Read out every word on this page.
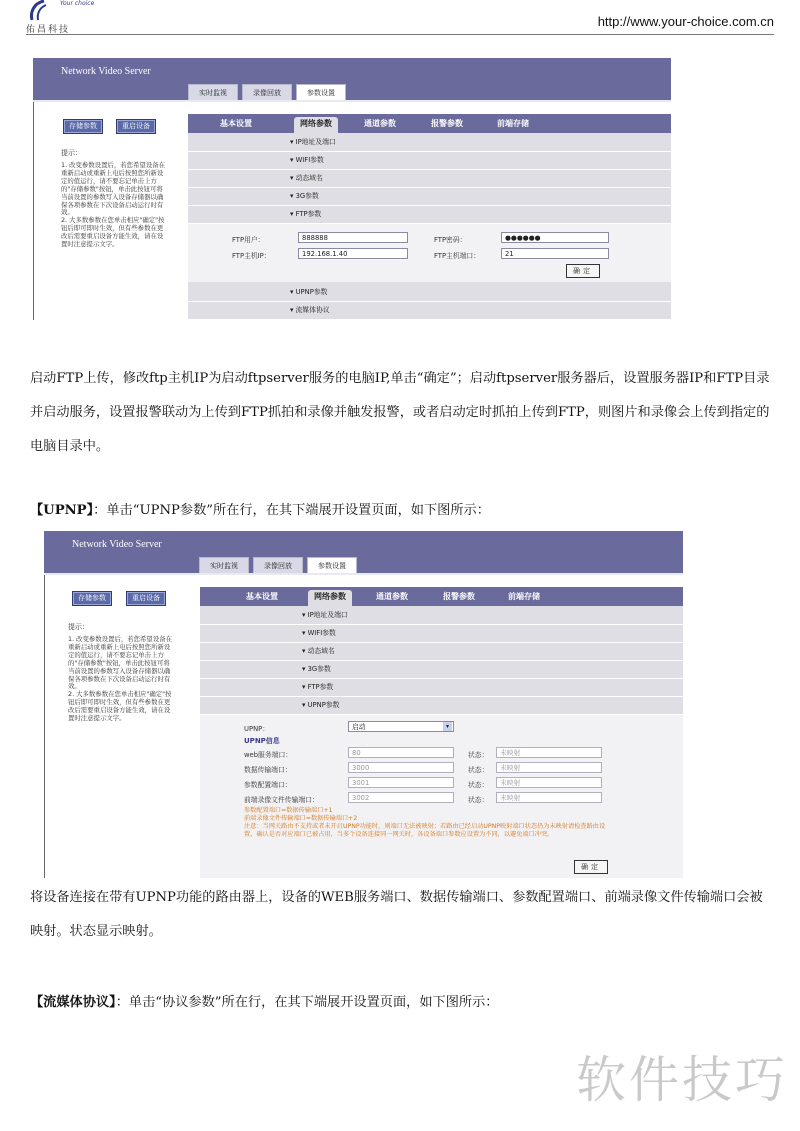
Your choice
佑昌科技
http://www.your-choice.com.cn
Network Video Server
实时监视	录像回放	参数设置
存储参数	重启设备
提示：
1. 改变参数设置后，若您希望设备在重新启动或重新上电后按照您所新设定的值运行，请不要忘记单击上方的"存储参数"按钮，单击此按钮可将当前设置的参数写入设备存储器以确保各项参数在下次设备启动运行时有效。
2. 大多数参数在您单击相应"确定"按钮后即可即时生效，但有些参数在更改后需要重启设备方能生效，请在设置时注意提示文字。
基本设置	网络参数	通道参数	报警参数	前端存储
▾ IP地址及端口
▾ WIFI参数
▾ 动态域名
▾ 3G参数
▾ FTP参数
FTP用户：	888888
FTP主机IP：	192.168.1.40
FTP密码：	●●●●●●
FTP主机端口：	21
确定
▾ UPNP参数
▾ 流媒体协议
启动FTP上传，修改ftp主机IP为启动ftpserver服务的电脑IP,单击“确定”；启动ftpserver服务器后，设置服务器IP和FTP目录并启动服务，设置报警联动为上传到FTP抓拍和录像并触发报警，或者启动定时抓拍上传到FTP，则图片和录像会上传到指定的电脑目录中。
【UPNP】：单击“UPNP参数”所在行，在其下端展开设置页面，如下图所示：
Network Video Server
实时监视	录像回放	参数设置
存储参数	重启设备
提示：
1. 改变参数设置后，若您希望设备在重新启动或重新上电后按照您所新设定的值运行，请不要忘记单击上方的"存储参数"按钮，单击此按钮可将当前设置的参数写入设备存储器以确保各项参数在下次设备启动运行时有效。
2. 大多数参数在您单击相应"确定"按钮后即可即时生效，但有些参数在更改后需要重启设备方能生效，请在设置时注意提示文字。
基本设置	网络参数	通道参数	报警参数	前端存储
▾ IP地址及端口
▾ WIFI参数
▾ 动态域名
▾ 3G参数
▾ FTP参数
▾ UPNP参数
UPNP：	启动	▾
UPNP信息
web服务端口：	80	状态：	未映射
数据传输端口：	3000	状态：	未映射
参数配置端口：	3001	状态：	未映射
前端录像文件传输端口：	3002	状态：	未映射
参数配置端口=数据传输端口+1
前端录像文件传输端口=数据传输端口+2
注意：当网关路由不支持或者未开启UPNP功能时，则端口无法被映射；若路由已经启动UPNP映射端口状态仍为未映射请检查路由设置，确认是否对应端口已被占用，当多个设备连接同一网关时，各设备端口参数应设置为不同，以避免端口冲突。
确定
将设备连接在带有UPNP功能的路由器上，设备的WEB服务端口、数据传输端口、参数配置端口、前端录像文件传输端口会被映射。状态显示映射。
【流媒体协议】：单击“协议参数”所在行，在其下端展开设置页面，如下图所示：
软件技巧
